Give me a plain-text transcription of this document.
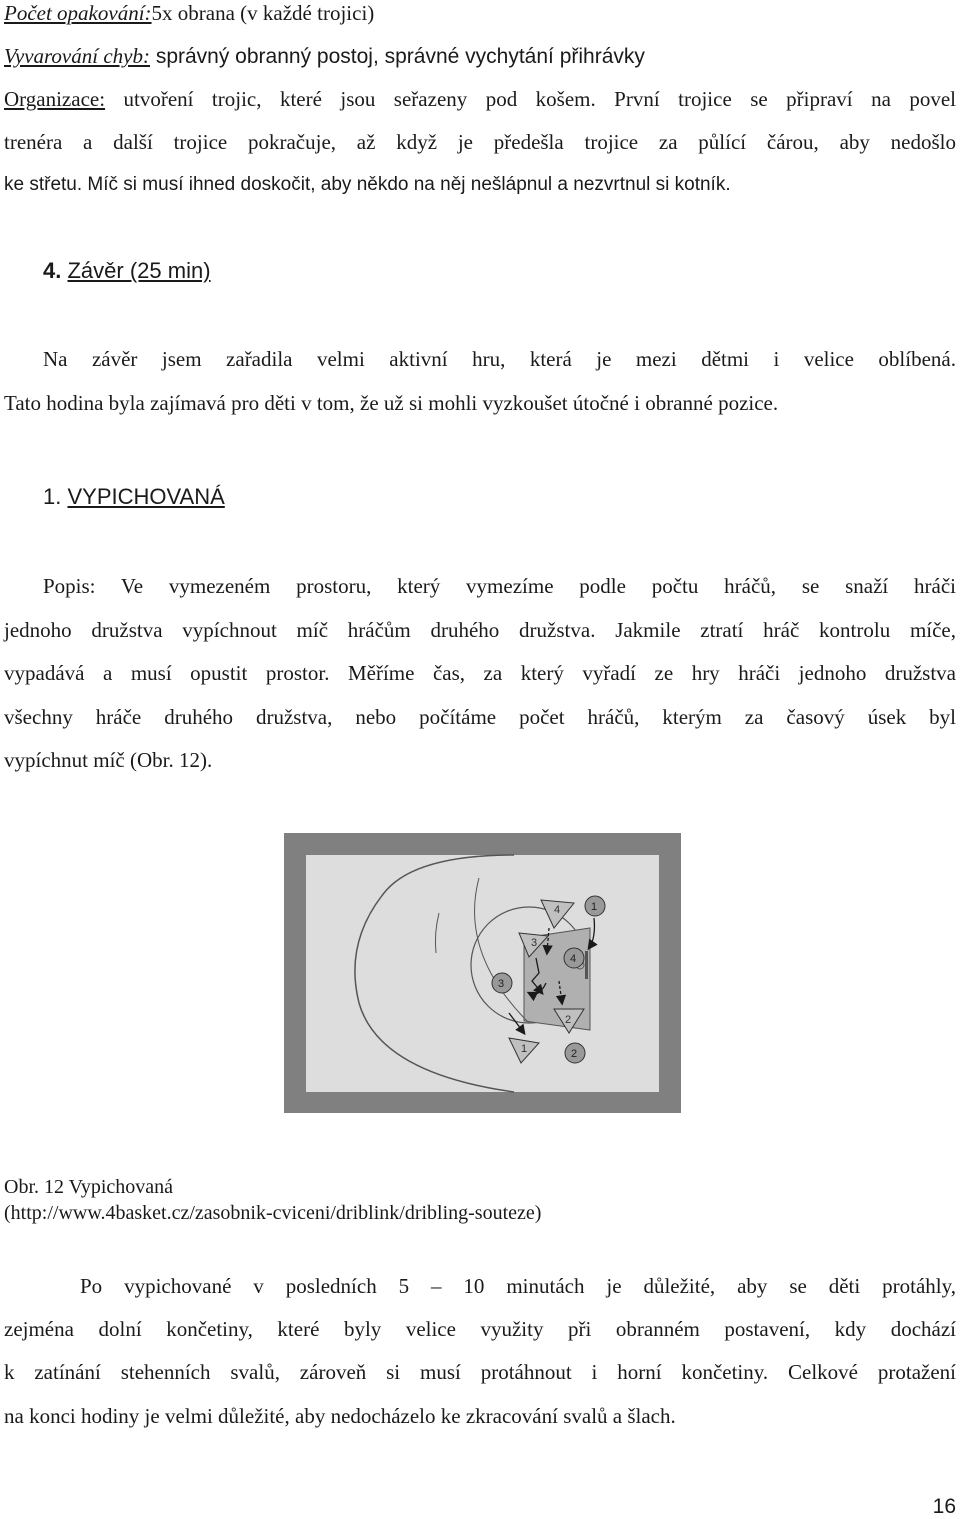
Počet opakování:5x obrana (v každé trojici)
Vyvarování chyb: správný obranný postoj, správné vychytání přihrávky
Organizace: utvoření trojic, které jsou seřazeny pod košem. První trojice se připraví na povel
trenéra a další trojice pokračuje, až když je předešla trojice za půlící čárou, aby nedošlo
ke střetu. Míč si musí ihned doskočit, aby někdo na něj nešlápnul a nezvrtnul si kotník.
4. Závěr (25 min)
Na závěr jsem zařadila velmi aktivní hru, která je mezi dětmi i velice oblíbená.
Tato hodina byla zajímavá pro děti v tom, že už si mohli vyzkoušet útočné i obranné pozice.
1. VYPICHOVANÁ
Popis: Ve vymezeném prostoru, který vymezíme podle počtu hráčů, se snaží hráči
jednoho družstva vypíchnout míč hráčům druhého družstva. Jakmile ztratí hráč kontrolu míče,
vypadává a musí opustit prostor. Měříme čas, za který vyřadí ze hry hráči jednoho družstva
všechny hráče druhého družstva, nebo počítáme počet hráčů, kterým za časový úsek byl
vypíchnut míč (Obr. 12).
4
3
2
1
1
4
3
2
Obr. 12 Vypichovaná
(http://www.4basket.cz/zasobnik-cviceni/driblink/dribling-souteze)
Po vypichované v posledních 5 – 10 minutách je důležité, aby se děti protáhly,
zejména dolní končetiny, které byly velice využity při obranném postavení, kdy dochází
k zatínání stehenních svalů, zároveň si musí protáhnout i horní končetiny. Celkové protažení
na konci hodiny je velmi důležité, aby nedocházelo ke zkracování svalů a šlach.
16
